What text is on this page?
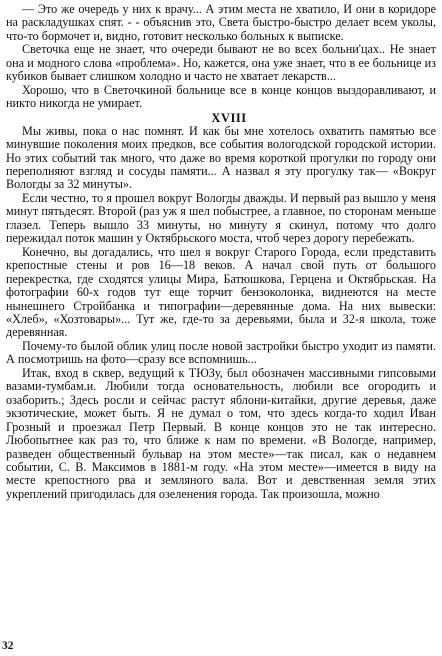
— Это же очередь у них к врачу... А этим места не хватило, И они в коридоре на раскладушках спят. - - объяснив это, Света быстро-быстро делает всем уколы, что-то бормочет и, видно, готовит несколько больных к выписке.

Светочка еще не знает, что очереди бывают не во всех больни'цах.. Не знает она и модного слова «проблема». Но, кажется, она уже знает, что в ее больнице из кубиков бывает слишком холодно и часто не хватает лекарств...

Хорошо, что в Светочкиной больнице все в конце концов выздоравливают, и никто никогда не умирает.

XVIII

Мы живы, пока о нас помнят. И как бы мне хотелось охватить памятью все минувшие поколения моих предков, все события вологодской городской истории. Но этих событий так много, что даже во время короткой прогулки по городу они переполняют взгляд и сосуды памяти... А назвал я эту прогулку так— «Вокруг Вологды за 32 минуты».

Если честно, то я прошел вокруг Вологды дважды. И первый раз вышло у меня минут пятьдесят. Второй (раз уж я шел побыстрее, а главное, по сторонам меньше глазел. Теперь вышло 33 минуты, но минуту я скинул, потому что долго пережидал поток машин у Октябрьского моста, чтоб через дорогу перебежать.

Конечно, вы догадались, что шел я вокруг Старого Города, если представить крепостные стены и ров 16—18 веков. А начал свой путь от большого перекрестка, где сходятся улицы Мира, Батюшкова, Герцена и Октябрьская. На фотографии 60-х годов тут еще торчит бензоколонка, виднеются на месте нынешнего Стройбанка и типографии—деревянные дома. На них вывески: «Хлеб», «Хозтовары»... Тут же, где-то за деревьями, была и 32-я школа, тоже деревянная.

Почему-то былой облик улиц после новой застройки быстро уходит из памяти. А посмотришь на фото—сразу все вспомнишь...

Итак, вход в сквер, ведущий к ТЮЗу, был обозначен массивными гипсовыми вазами-тумбам.и. Любили тогда основательность, любили все огородить и озаборить.; Здесь росли и сейчас растут яблони-китайки, другие деревья, даже экзотические, может быть. Я не думал о том, что здесь когда-то ходил Иван Грозный и проезжал Петр Первый. В конце концов это не так интересно. Любопытнее как раз то, что ближе к нам по времени. «В Вологде, например, разведен общественный бульвар на этом месте»—так писал, как о недавнем событии, С. В. Максимов в 1881-м году. «На этом месте»—имеется в виду на месте крепостного рва и земляного вала. Вот и девственная земля этих укреплений пригодилась для озеленения города. Так произошла, можно

32
